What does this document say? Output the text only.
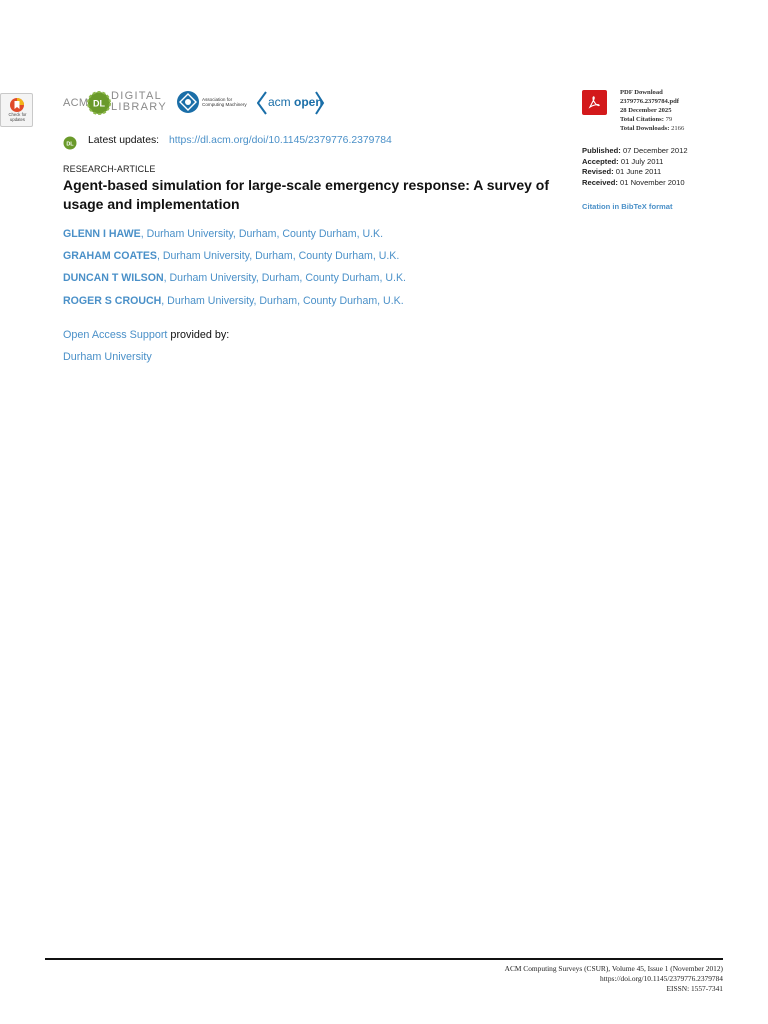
Check for updates
ACM DL
DIGITAL
LIBRARY
Association for
Computing Machinery acm open
DL Latest updates: https://dl.acm.org/doi/10.1145/2379776.2379784
RESEARCH-ARTICLE
Agent-based simulation for large-scale emergency response: A survey of usage and implementation
GLENN I HAWE, Durham University, Durham, County Durham, U.K.
GRAHAM COATES, Durham University, Durham, County Durham, U.K.
DUNCAN T WILSON, Durham University, Durham, County Durham, U.K.
ROGER S CROUCH, Durham University, Durham, County Durham, U.K.
Open Access Support provided by:
Durham University
PDF Download
2379776.2379784.pdf
28 December 2025
Total Citations: 79
Total Downloads: 2166
Published: 07 December 2012
Accepted: 01 July 2011
Revised: 01 June 2011
Received: 01 November 2010
Citation in BibTeX format
ACM Computing Surveys (CSUR), Volume 45, Issue 1 (November 2012)
https://doi.org/10.1145/2379776.2379784
EISSN: 1557-7341
